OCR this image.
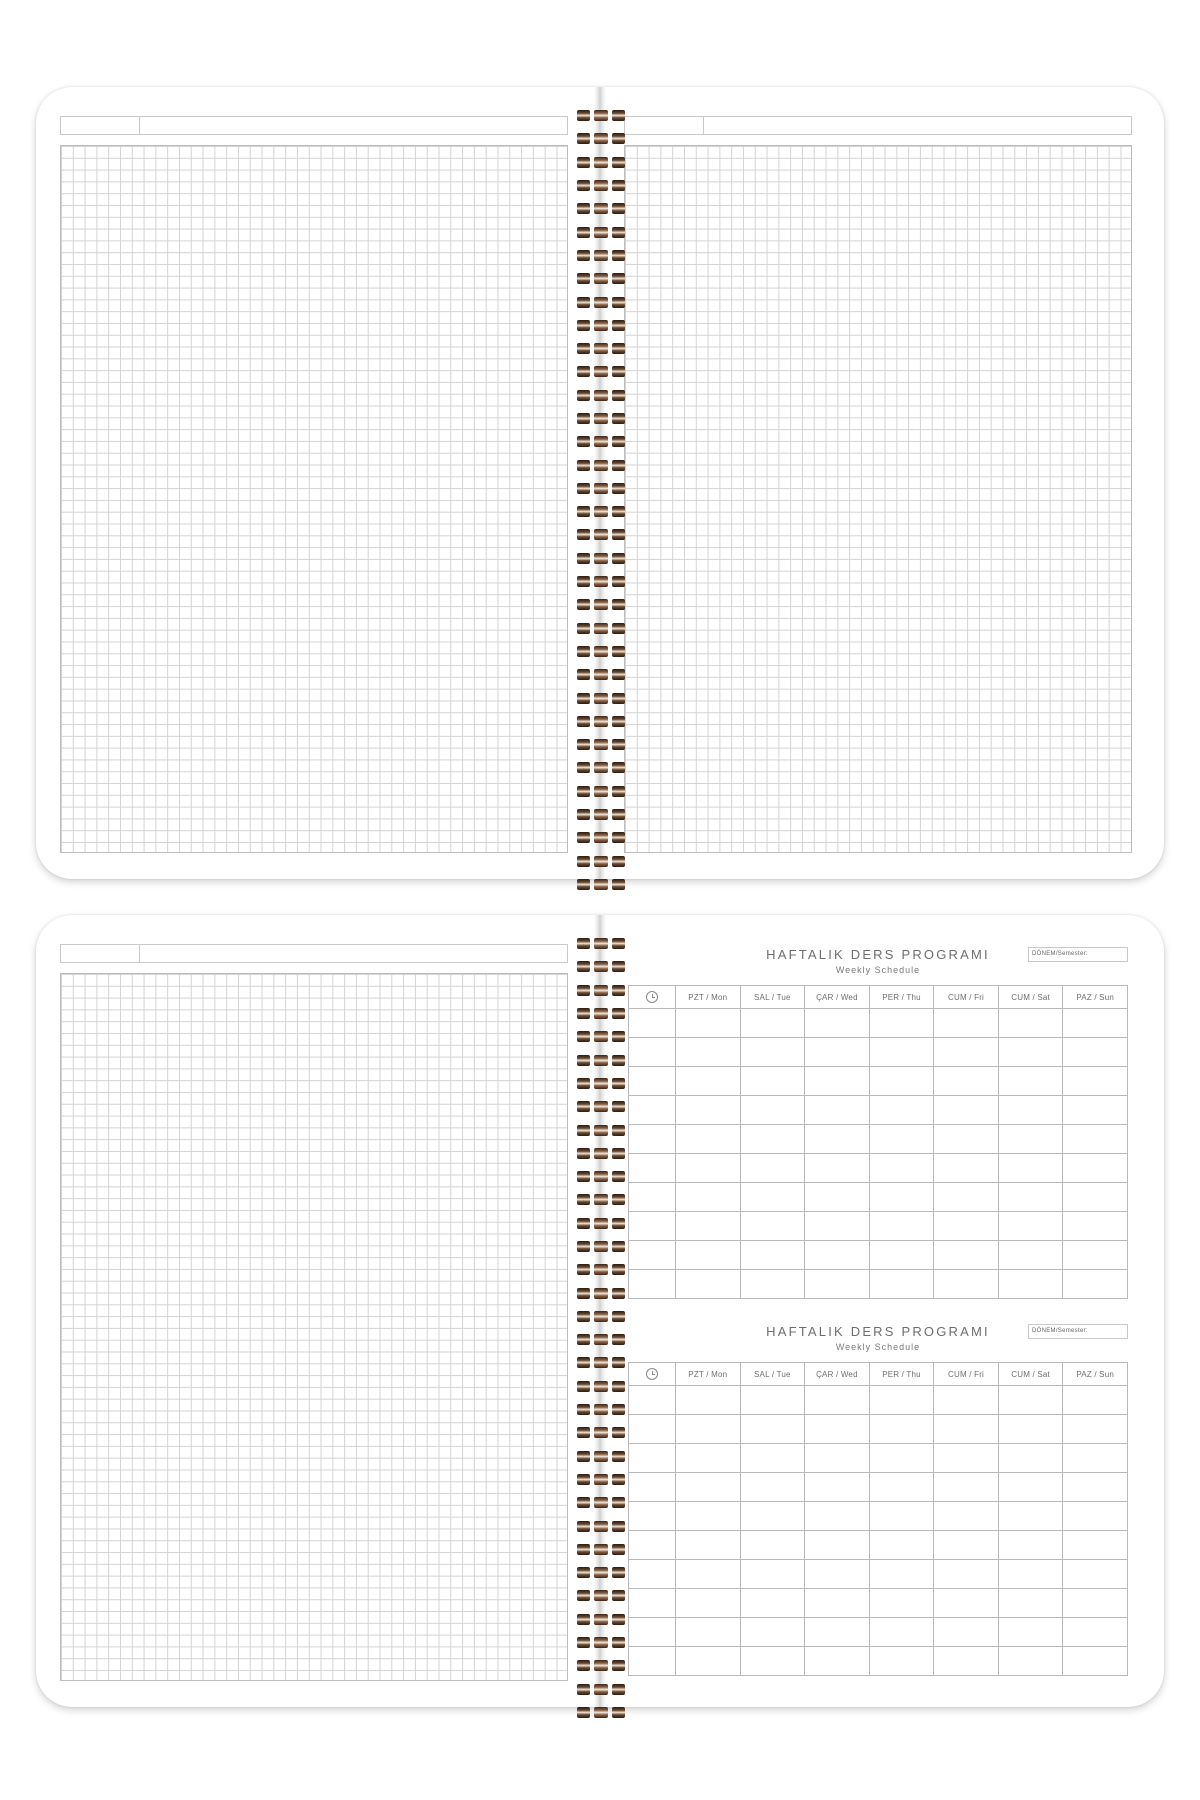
HAFTALIK DERS PROGRAMI
Weekly Schedule
DÖNEM/Semester:
	PZT / Mon	SAL / Tue	ÇAR / Wed	PER / Thu	CUM / Fri	CUM / Sat	PAZ / Sun

HAFTALIK DERS PROGRAMI
Weekly Schedule
DÖNEM/Semester:
	PZT / Mon	SAL / Tue	ÇAR / Wed	PER / Thu	CUM / Fri	CUM / Sat	PAZ / Sun
